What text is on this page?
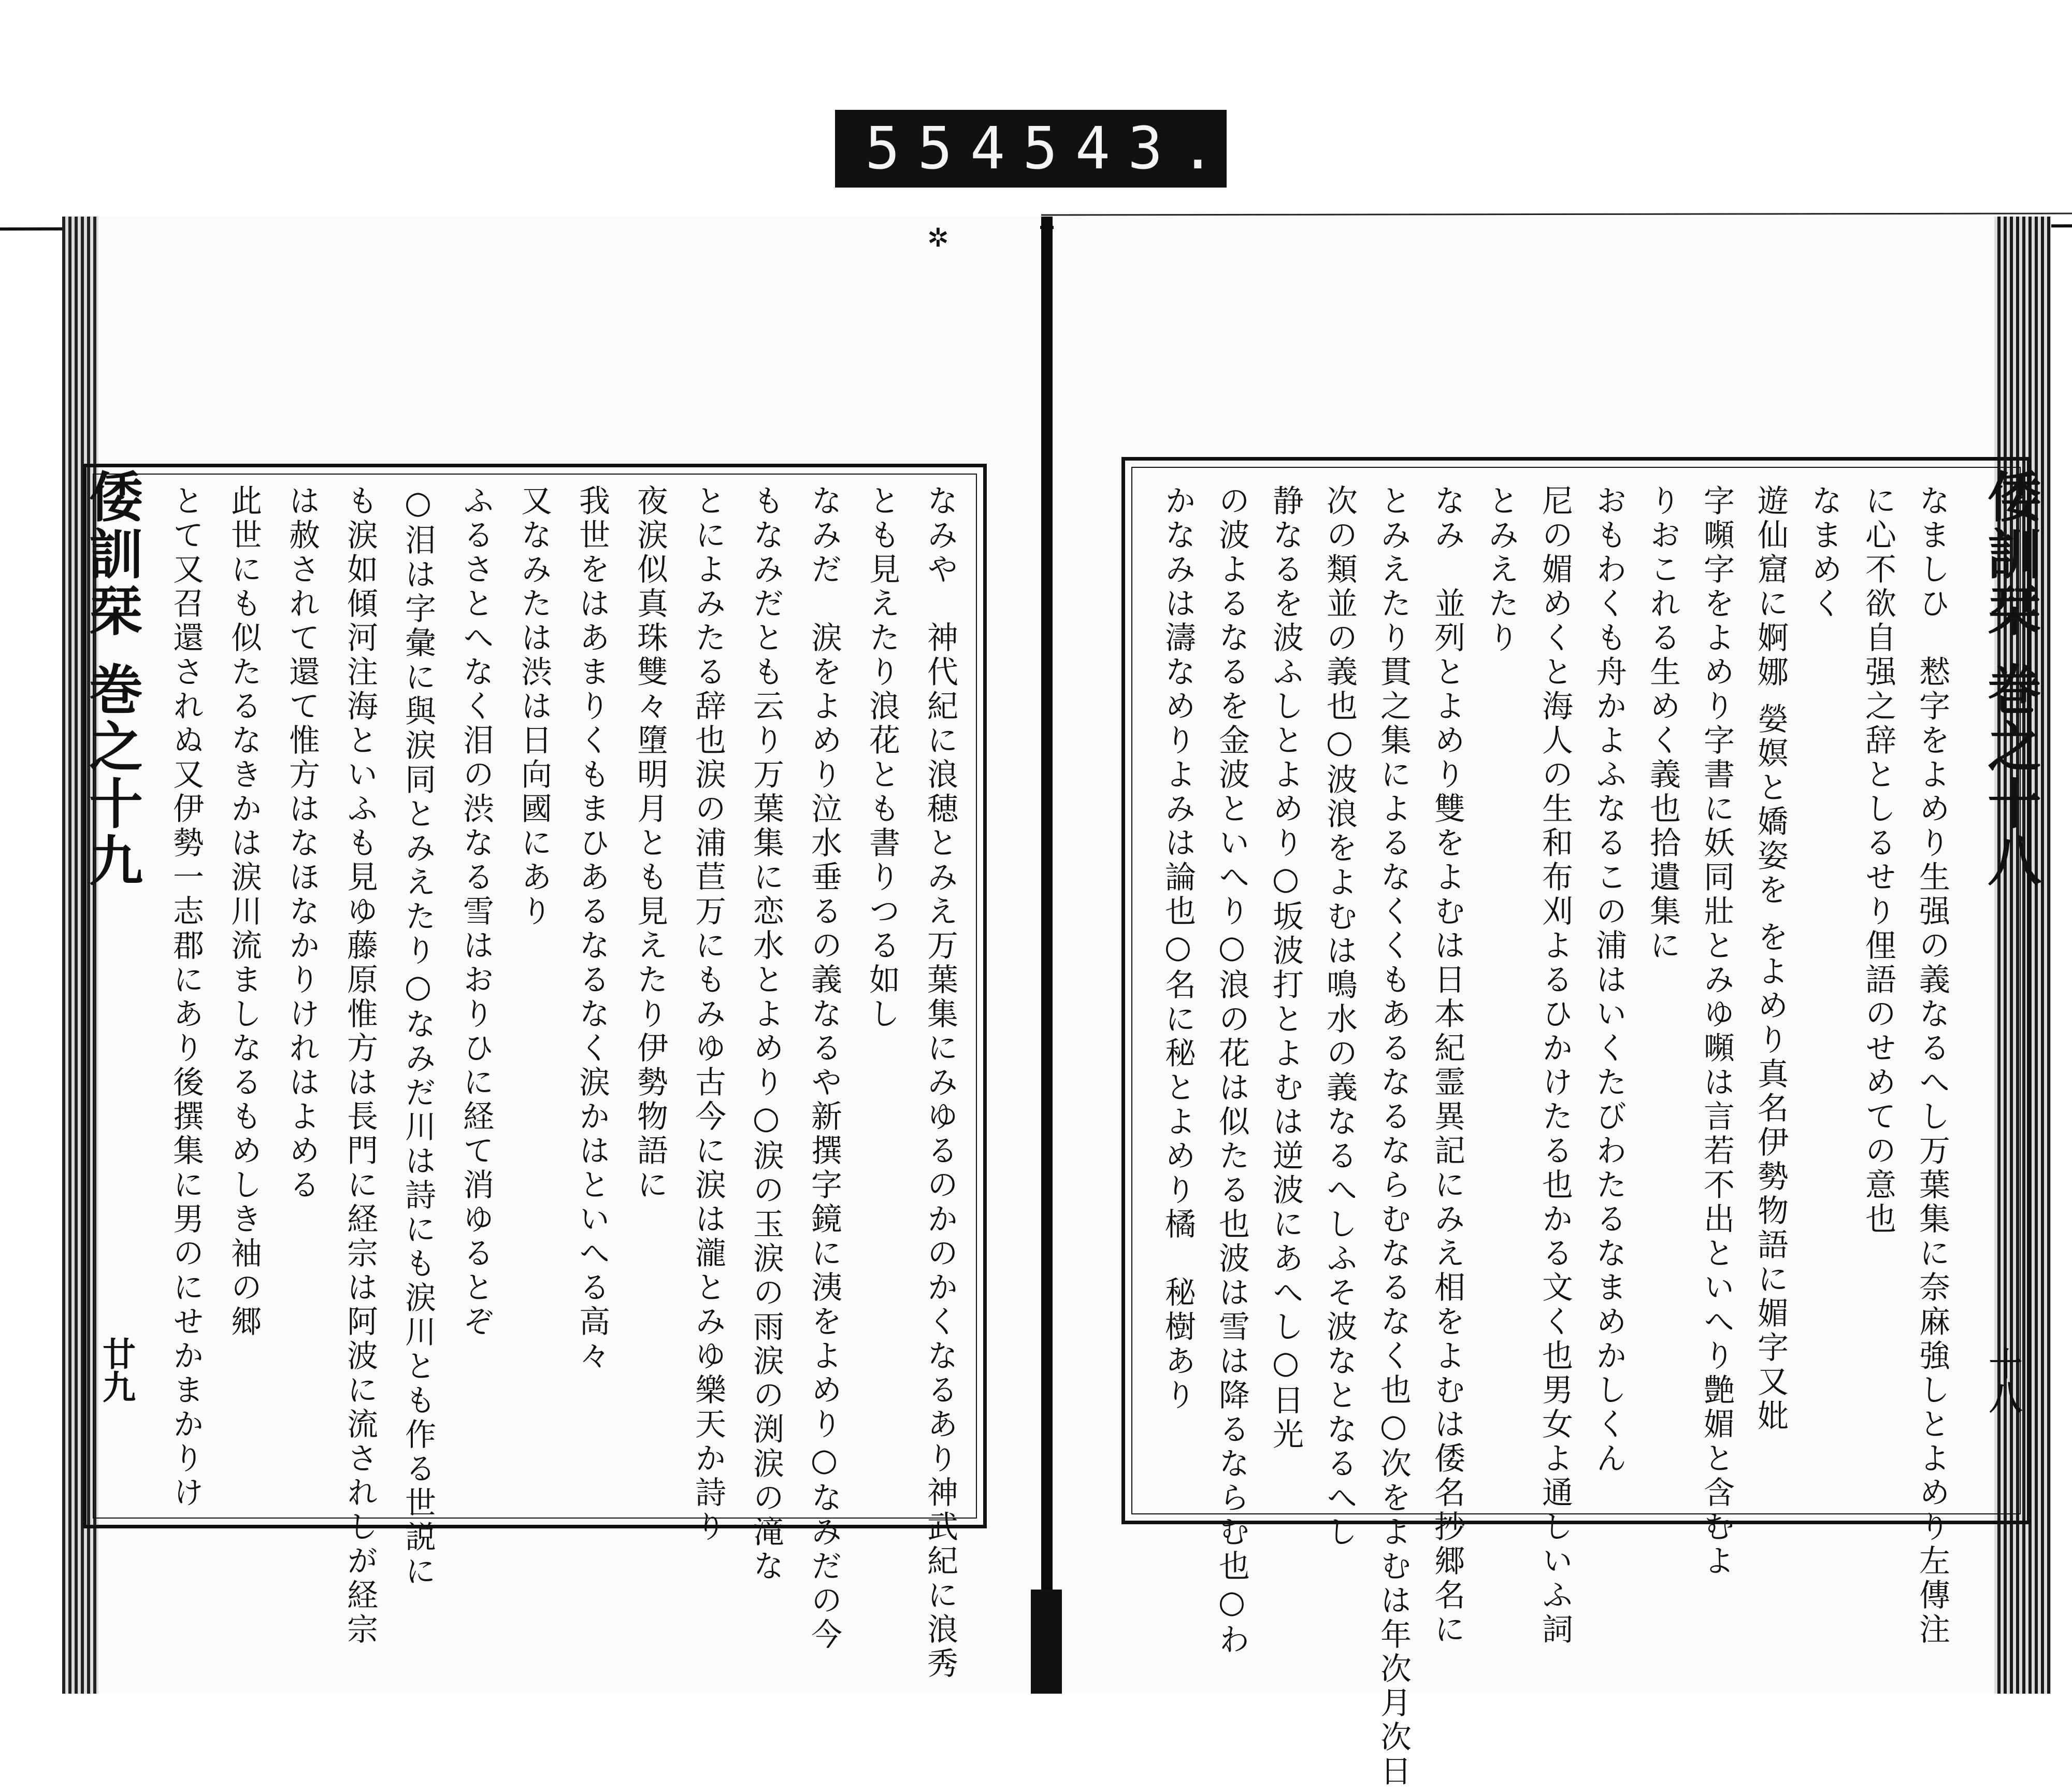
554 543.
✲
倭訓栞 巻之十八
十八
なましひ　慭字をよめり生强の義なるへし万葉集に奈麻強しとよめり左傳注
に心不欲自强之辞としるせり俚語のせめての意也
なまめく
遊仙窟に婀娜 嫈嫇と嬌姿を をよめり真名伊勢物語に媚字又妣
字嚬字をよめり字書に妖同壯とみゆ嚬は言若不出といへり艶媚と含むよ
りおこれる生めく義也拾遺集に
おもわくも舟かよふなるこの浦はいくたびわたるなまめかしくん
尼の媚めくと海人の生和布刈よるひかけたる也かる文く也男女よ通しいふ詞
とみえたり
なみ　並列とよめり雙をよむは日本紀霊異記にみえ相をよむは倭名抄郷名に
とみえたり貫之集によるなくくもあるなるならむなるなく也○次をよむは年次月次日
次の類並の義也○波浪をよむは鳴水の義なるへしふそ波なとなるへし
静なるを波ふしとよめり○坂波打とよむは逆波にあへし○日光
の波よるなるを金波といへり○浪の花は似たる也波は雪は降るならむ也○わ
かなみは濤なめりよみは論也○名に秘とよめり橘　秘樹あり
倭訓栞 巻之十九
廿九	なみや　神代紀に浪穂とみえ万葉集にみゆるのかのかくなるあり神武紀に浪秀
とも見えたり浪花とも書りつる如し
なみだ　涙をよめり泣水垂るの義なるや新撰字鏡に洟をよめり○なみだの今
もなみだとも云り万葉集に恋水とよめり○涙の玉涙の雨涙の渕涙の滝な
とによみたる辞也涙の浦苣万にもみゆ古今に涙は瀧とみゆ樂天か詩り
夜涙似真珠雙々墮明月とも見えたり伊勢物語に
我世をはあまりくもまひあるなるなく涙かはといへる高々
又なみたは渋は日向國にあり
ふるさとへなく泪の渋なる雪はおりひに経て消ゆるとぞ
○泪は字彙に與涙同とみえたり○なみだ川は詩にも涙川とも作る世説に
も涙如傾河注海といふも見ゆ藤原惟方は長門に経宗は阿波に流されしが経宗
は赦されて還て惟方はなほなかりけれはよめる
此世にも似たるなきかは涙川流ましなるもめしき袖の郷
とて又召還されぬ又伊勢一志郡にあり後撰集に男のにせかまかりけ
